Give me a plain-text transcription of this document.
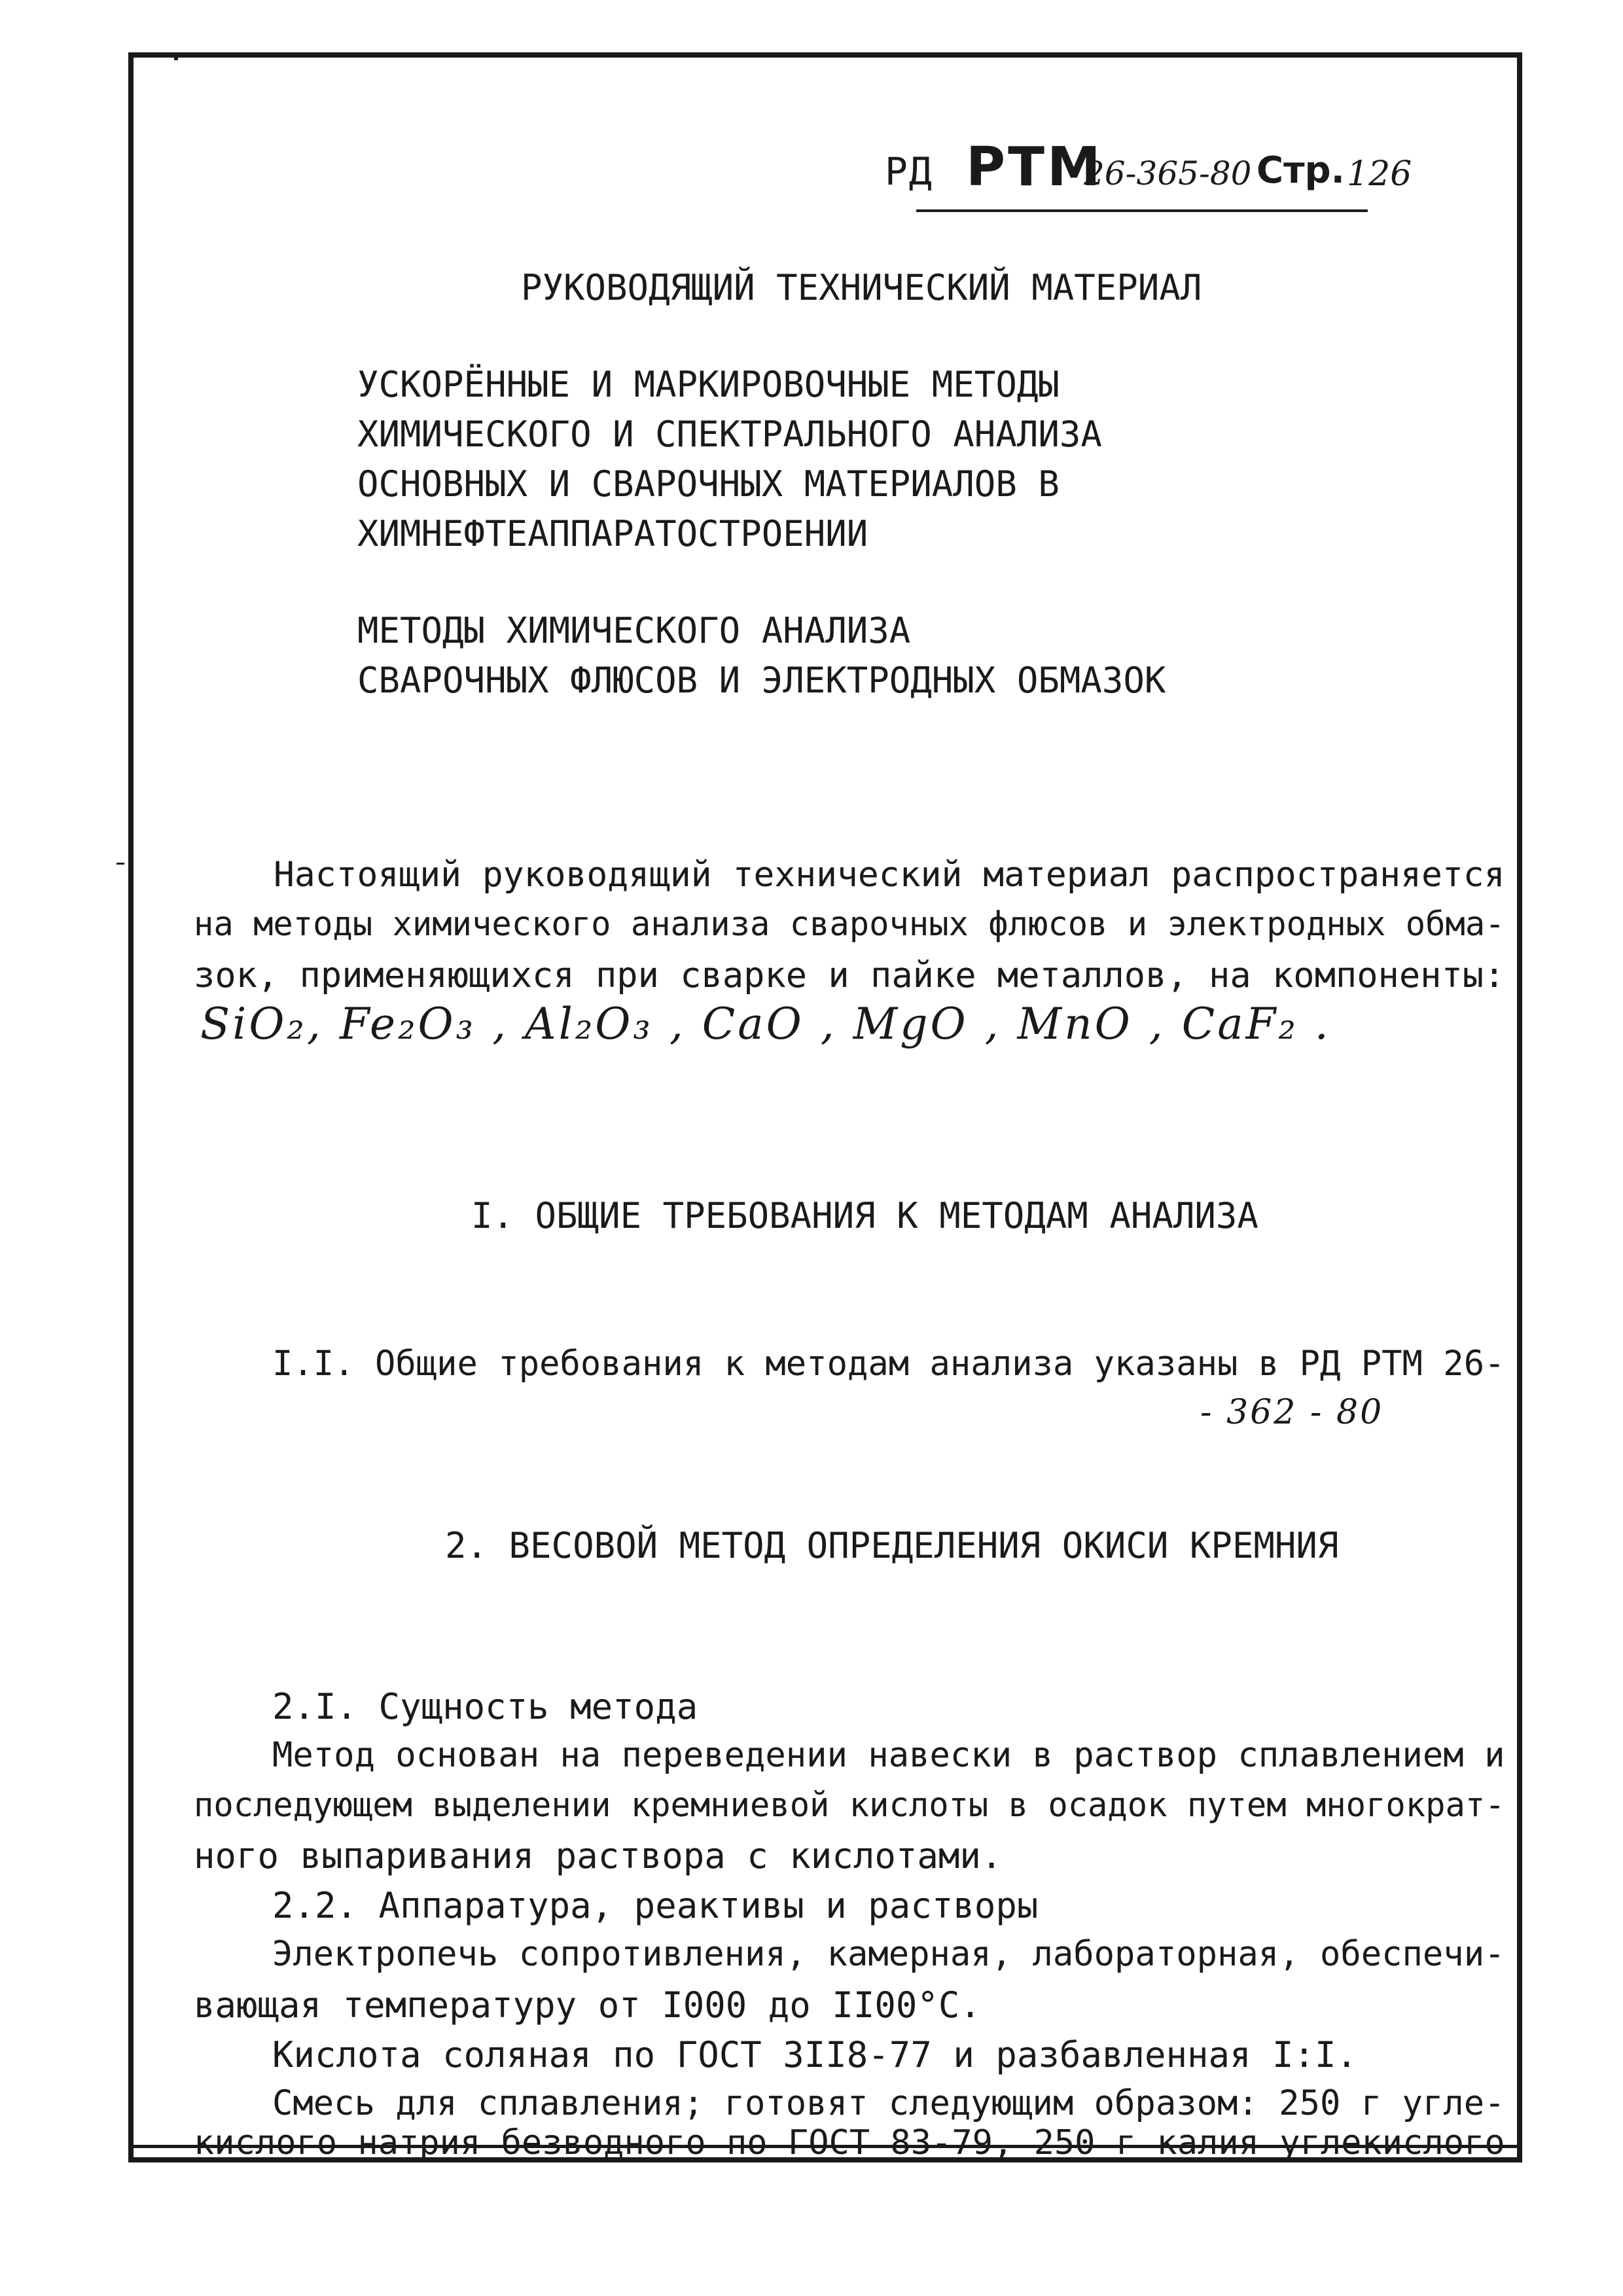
РД РТМ
26-365-80 Стр. 126
РУКОВОДЯЩИЙ ТЕХНИЧЕСКИЙ МАТЕРИАЛ
УСКОРЁННЫЕ И МАРКИРОВОЧНЫЕ МЕТОДЫ
ХИМИЧЕСКОГО И СПЕКТРАЛЬНОГО АНАЛИЗА
ОСНОВНЫХ И СВАРОЧНЫХ МАТЕРИАЛОВ В
ХИМНЕФТЕАППАРАТОСТРОЕНИИ
МЕТОДЫ ХИМИЧЕСКОГО АНАЛИЗА
СВАРОЧНЫХ ФЛЮСОВ И ЭЛЕКТРОДНЫХ ОБМАЗОК
Настоящий руководящий технический материал распространяется
на методы химического анализа сварочных флюсов и электродных обма-
зок, применяющихся при сварке и пайке металлов, на компоненты:
SiO₂, Fe₂O₃ , Al₂O₃ , CaO , MgO , MnO , CaF₂ .
I. ОБЩИЕ ТРЕБОВАНИЯ К МЕТОДАМ АНАЛИЗА
I.I. Общие требования к методам анализа указаны в РД РТМ 26-
- 362 - 80
2. ВЕСОВОЙ МЕТОД ОПРЕДЕЛЕНИЯ ОКИСИ КРЕМНИЯ
2.I. Сущность метода
Метод основан на переведении навески в раствор сплавлением и
последующем выделении кремниевой кислоты в осадок путем многократ-
ного выпаривания раствора с кислотами.
2.2. Аппаратура, реактивы и растворы
Электропечь сопротивления, камерная, лабораторная, обеспечи-
вающая температуру от I000 до II00°С.
Кислота соляная по ГОСТ 3II8-77 и разбавленная I:I.
Смесь для сплавления; готовят следующим образом: 250 г угле-
кислого натрия безводного по ГОСТ 83-79, 250 г калия углекислого
